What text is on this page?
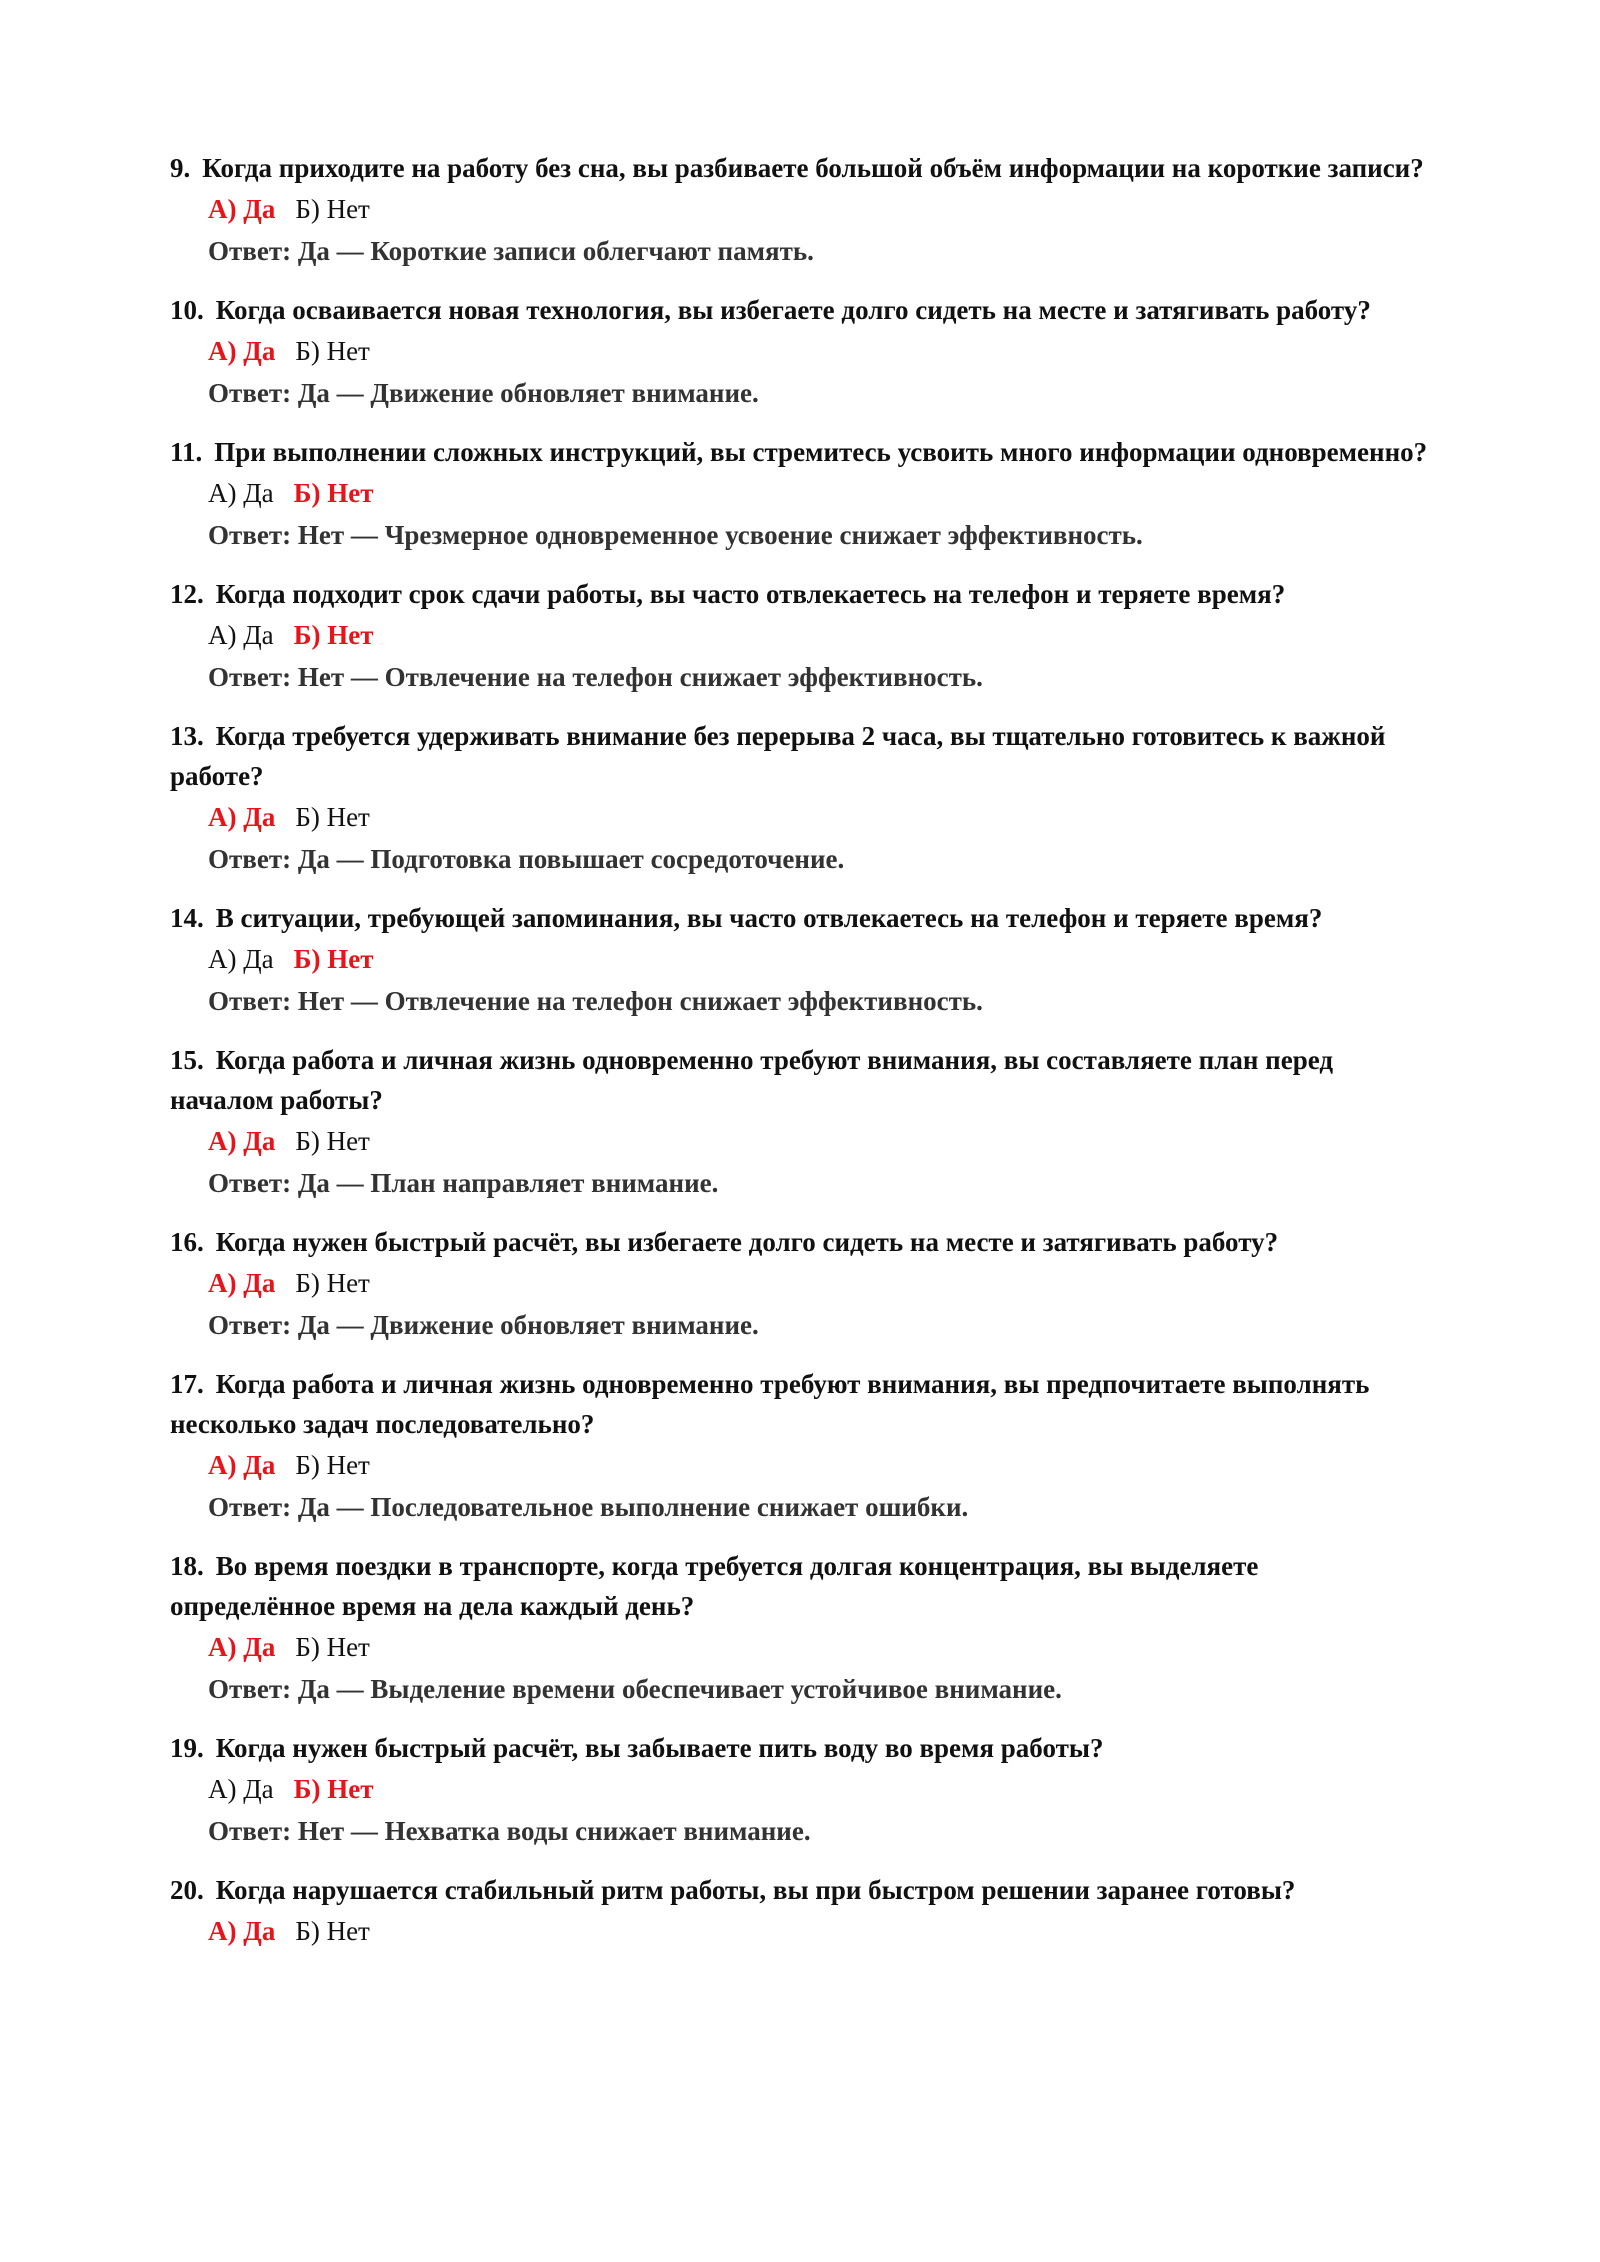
9. Когда приходите на работу без сна, вы разбиваете большой объём информации на короткие записи?

А) Да Б) Нет

Ответ: Да — Короткие записи облегчают память.

10. Когда осваивается новая технология, вы избегаете долго сидеть на месте и затягивать работу?

А) Да Б) Нет

Ответ: Да — Движение обновляет внимание.

11. При выполнении сложных инструкций, вы стремитесь усвоить много информации одновременно?

А) Да Б) Нет

Ответ: Нет — Чрезмерное одновременное усвоение снижает эффективность.

12. Когда подходит срок сдачи работы, вы часто отвлекаетесь на телефон и теряете время?

А) Да Б) Нет

Ответ: Нет — Отвлечение на телефон снижает эффективность.

13. Когда требуется удерживать внимание без перерыва 2 часа, вы тщательно готовитесь к важной работе?

А) Да Б) Нет

Ответ: Да — Подготовка повышает сосредоточение.

14. В ситуации, требующей запоминания, вы часто отвлекаетесь на телефон и теряете время?

А) Да Б) Нет

Ответ: Нет — Отвлечение на телефон снижает эффективность.

15. Когда работа и личная жизнь одновременно требуют внимания, вы составляете план перед началом работы?

А) Да Б) Нет

Ответ: Да — План направляет внимание.

16. Когда нужен быстрый расчёт, вы избегаете долго сидеть на месте и затягивать работу?

А) Да Б) Нет

Ответ: Да — Движение обновляет внимание.

17. Когда работа и личная жизнь одновременно требуют внимания, вы предпочитаете выполнять несколько задач последовательно?

А) Да Б) Нет

Ответ: Да — Последовательное выполнение снижает ошибки.

18. Во время поездки в транспорте, когда требуется долгая концентрация, вы выделяете определённое время на дела каждый день?

А) Да Б) Нет

Ответ: Да — Выделение времени обеспечивает устойчивое внимание.

19. Когда нужен быстрый расчёт, вы забываете пить воду во время работы?

А) Да Б) Нет

Ответ: Нет — Нехватка воды снижает внимание.

20. Когда нарушается стабильный ритм работы, вы при быстром решении заранее готовы?

А) Да Б) Нет
